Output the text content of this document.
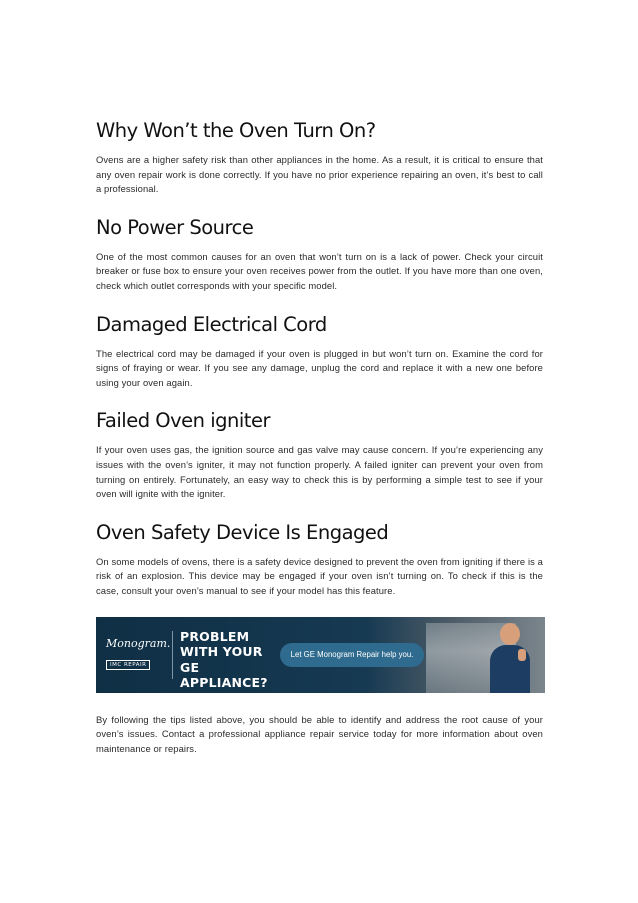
Why Won’t the Oven Turn On?

Ovens are a higher safety risk than other appliances in the home. As a result, it is critical to ensure that any oven repair work is done correctly. If you have no prior experience repairing an oven, it’s best to call a professional.

No Power Source

One of the most common causes for an oven that won’t turn on is a lack of power. Check your circuit breaker or fuse box to ensure your oven receives power from the outlet. If you have more than one oven, check which outlet corresponds with your specific model.

Damaged Electrical Cord

The electrical cord may be damaged if your oven is plugged in but won’t turn on. Examine the cord for signs of fraying or wear. If you see any damage, unplug the cord and replace it with a new one before using your oven again.

Failed Oven igniter

If your oven uses gas, the ignition source and gas valve may cause concern. If you’re experiencing any issues with the oven’s igniter, it may not function properly. A failed igniter can prevent your oven from turning on entirely. Fortunately, an easy way to check this is by performing a simple test to see if your oven will ignite with the igniter.

Oven Safety Device Is Engaged

On some models of ovens, there is a safety device designed to prevent the oven from igniting if there is a risk of an explosion. This device may be engaged if your oven isn’t turning on. To check if this is the case, consult your oven’s manual to see if your model has this feature.

Monogram.
IMC REPAIR
PROBLEM
WITH YOUR
GE APPLIANCE?
Let GE Monogram Repair help you.

By following the tips listed above, you should be able to identify and address the root cause of your oven’s issues. Contact a professional appliance repair service today for more information about oven maintenance or repairs.
